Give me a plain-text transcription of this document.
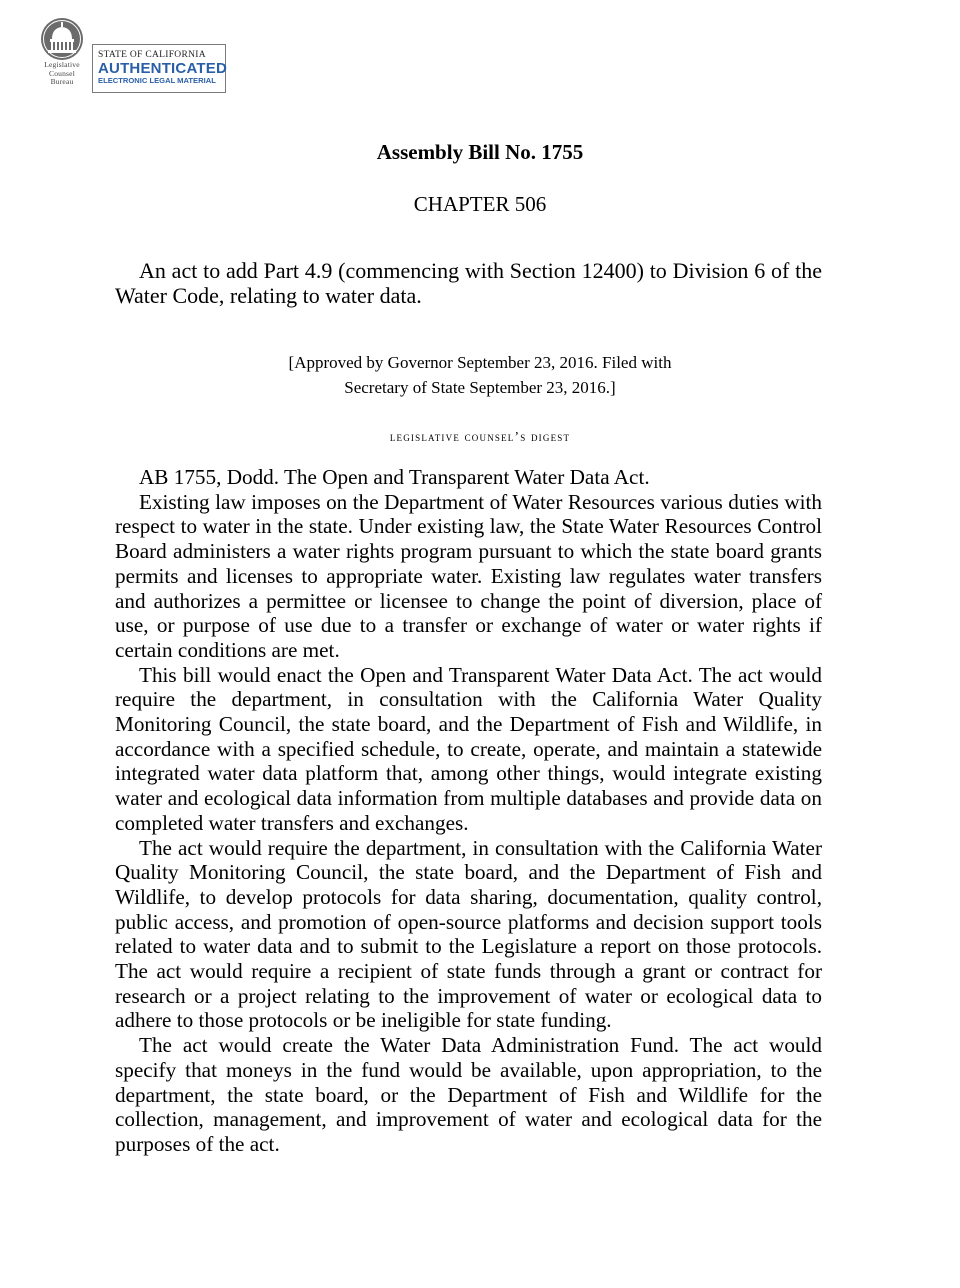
Legislative
Counsel
Bureau
STATE OF CALIFORNIA
AUTHENTICATED
ELECTRONIC LEGAL MATERIAL
Assembly Bill No. 1755
CHAPTER 506
An act to add Part 4.9 (commencing with Section 12400) to Division 6 of the Water Code, relating to water data.
[Approved by Governor September 23, 2016. Filed with
Secretary of State September 23, 2016.]
legislative counsel’s digest

AB 1755, Dodd. The Open and Transparent Water Data Act.

Existing law imposes on the Department of Water Resources various duties with respect to water in the state. Under existing law, the State Water Resources Control Board administers a water rights program pursuant to which the state board grants permits and licenses to appropriate water. Existing law regulates water transfers and authorizes a permittee or licensee to change the point of diversion, place of use, or purpose of use due to a transfer or exchange of water or water rights if certain conditions are met.

This bill would enact the Open and Transparent Water Data Act. The act would require the department, in consultation with the California Water Quality Monitoring Council, the state board, and the Department of Fish and Wildlife, in accordance with a specified schedule, to create, operate, and maintain a statewide integrated water data platform that, among other things, would integrate existing water and ecological data information from multiple databases and provide data on completed water transfers and exchanges.

The act would require the department, in consultation with the California Water Quality Monitoring Council, the state board, and the Department of Fish and Wildlife, to develop protocols for data sharing, documentation, quality control, public access, and promotion of open-source platforms and decision support tools related to water data and to submit to the Legislature a report on those protocols. The act would require a recipient of state funds through a grant or contract for research or a project relating to the improvement of water or ecological data to adhere to those protocols or be ineligible for state funding.

The act would create the Water Data Administration Fund. The act would specify that moneys in the fund would be available, upon appropriation, to the department, the state board, or the Department of Fish and Wildlife for the collection, management, and improvement of water and ecological data for the purposes of the act.
